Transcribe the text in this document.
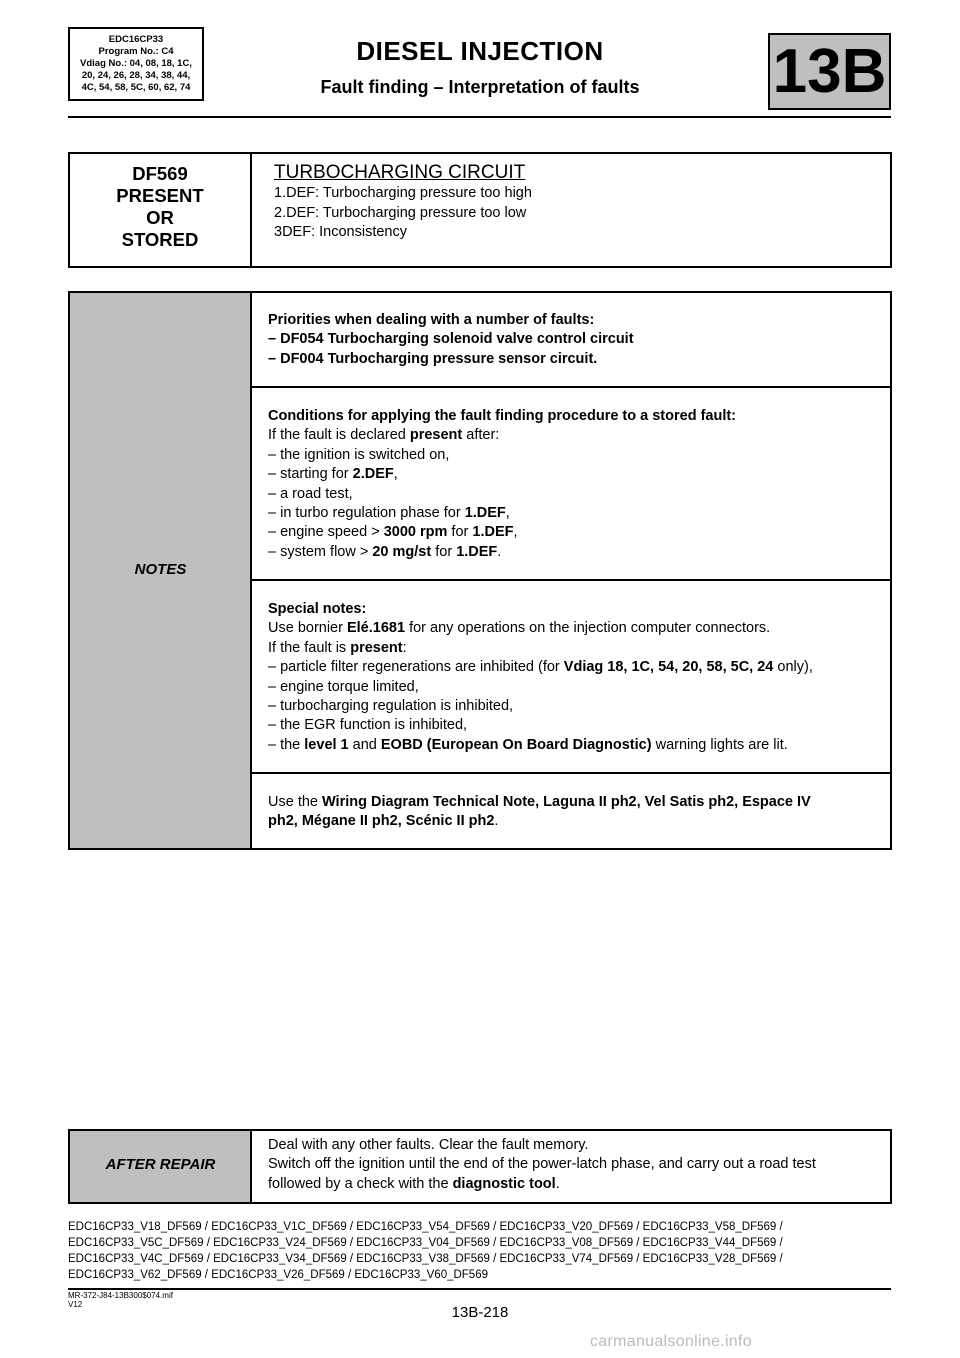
EDC16CP33
Program No.: C4
Vdiag No.: 04, 08, 18, 1C,
20, 24, 26, 28, 34, 38, 44,
4C, 54, 58, 5C, 60, 62, 74
DIESEL INJECTION
Fault finding – Interpretation of faults	13B
DF569
PRESENT
OR
STORED
TURBOCHARGING CIRCUIT
1.DEF: Turbocharging pressure too high
2.DEF: Turbocharging pressure too low
3DEF: Inconsistency
NOTES
Priorities when dealing with a number of faults:
– DF054 Turbocharging solenoid valve control circuit
– DF004 Turbocharging pressure sensor circuit.
Conditions for applying the fault finding procedure to a stored fault:
If the fault is declared present after:
– the ignition is switched on,
– starting for 2.DEF,
– a road test,
– in turbo regulation phase for 1.DEF,
– engine speed > 3000 rpm for 1.DEF,
– system flow > 20 mg/st for 1.DEF.
Special notes:
Use bornier Elé.1681 for any operations on the injection computer connectors.
If the fault is present:
– particle filter regenerations are inhibited (for Vdiag 18, 1C, 54, 20, 58, 5C, 24 only),
– engine torque limited,
– turbocharging regulation is inhibited,
– the EGR function is inhibited,
– the level 1 and EOBD (European On Board Diagnostic) warning lights are lit.
Use the Wiring Diagram Technical Note, Laguna II ph2, Vel Satis ph2, Espace IV
ph2, Mégane II ph2, Scénic II ph2.
AFTER REPAIR
Deal with any other faults. Clear the fault memory.
Switch off the ignition until the end of the power-latch phase, and carry out a road test
followed by a check with the diagnostic tool.
EDC16CP33_V18_DF569 / EDC16CP33_V1C_DF569 / EDC16CP33_V54_DF569 / EDC16CP33_V20_DF569 / EDC16CP33_V58_DF569 /
EDC16CP33_V5C_DF569 / EDC16CP33_V24_DF569 / EDC16CP33_V04_DF569 / EDC16CP33_V08_DF569 / EDC16CP33_V44_DF569 /
EDC16CP33_V4C_DF569 / EDC16CP33_V34_DF569 / EDC16CP33_V38_DF569 / EDC16CP33_V74_DF569 / EDC16CP33_V28_DF569 /
EDC16CP33_V62_DF569 / EDC16CP33_V26_DF569 / EDC16CP33_V60_DF569
MR-372-J84-13B300$074.mif
V12	13B-218
carmanualsonline.info
